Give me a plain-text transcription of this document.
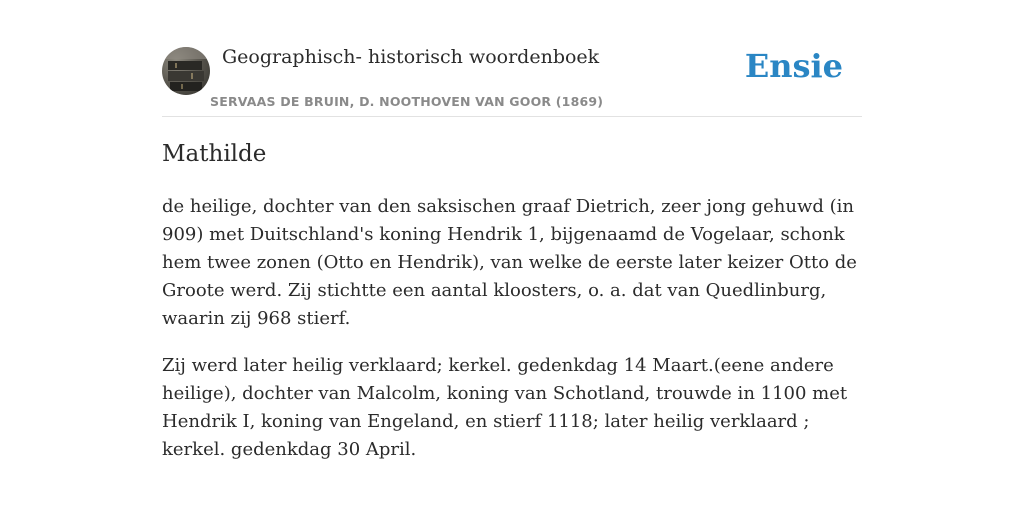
Geographisch- historisch woordenboek
SERVAAS DE BRUIN, D. NOOTHOVEN VAN GOOR (1869)
Ensie
Mathilde

de heilige, dochter van den saksischen graaf Dietrich, zeer jong gehuwd (in 909) met Duitschland's koning Hendrik 1, bijgenaamd de Vogelaar, schonk hem twee zonen (Otto en Hendrik), van welke de eerste later keizer Otto de Groote werd. Zij stichtte een aantal kloosters, o. a. dat van Quedlinburg, waarin zij 968 stierf.

Zij werd later heilig verklaard; kerkel. gedenkdag 14 Maart.(eene andere heilige), dochter van Malcolm, koning van Schotland, trouwde in 1100 met Hendrik I, koning van Engeland, en stierf 1118; later heilig verklaard ; kerkel. gedenkdag 30 April.
